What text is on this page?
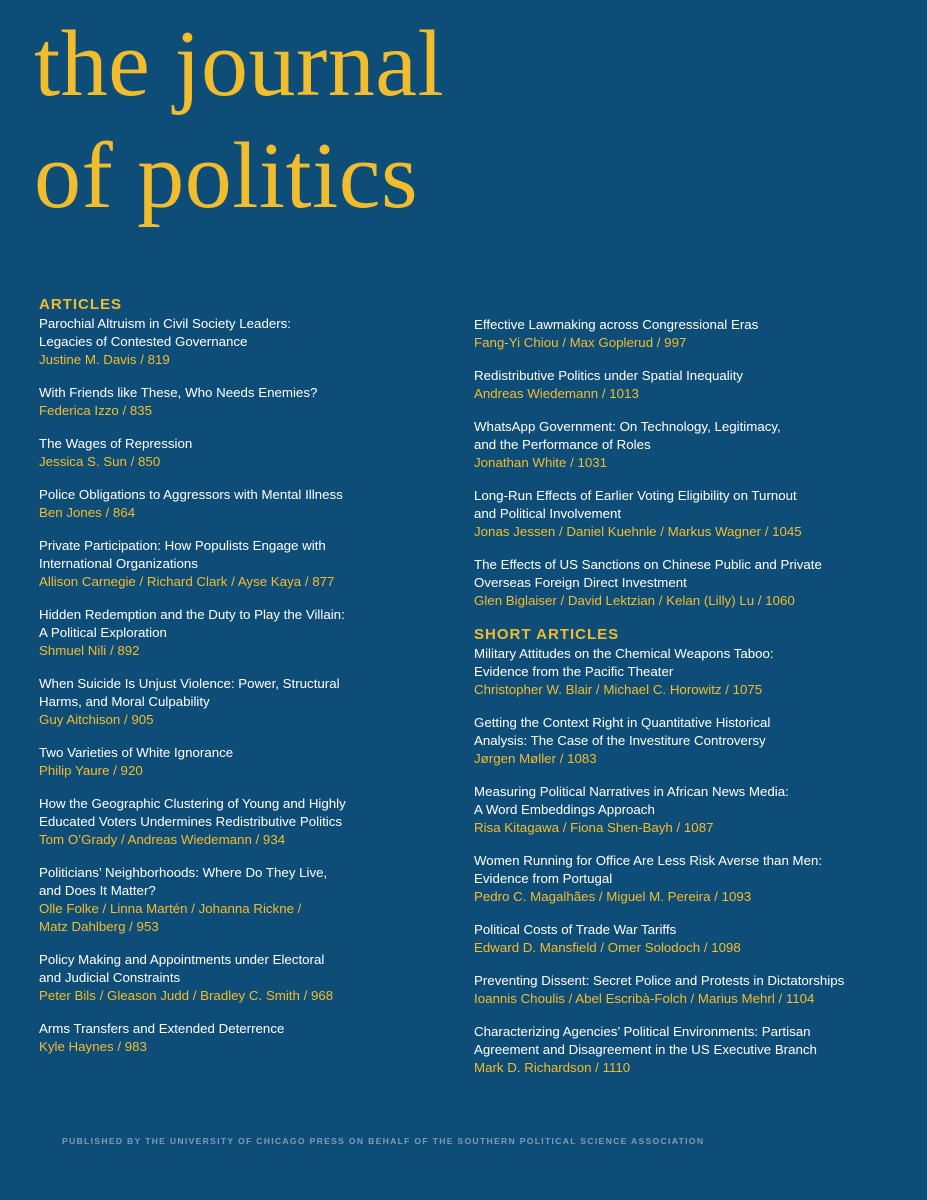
the journal
of politics
ARTICLES
Parochial Altruism in Civil Society Leaders:
Legacies of Contested Governance
Justine M. Davis / 819
With Friends like These, Who Needs Enemies?
Federica Izzo / 835
The Wages of Repression
Jessica S. Sun / 850
Police Obligations to Aggressors with Mental Illness
Ben Jones / 864
Private Participation: How Populists Engage with
International Organizations
Allison Carnegie / Richard Clark / Ayse Kaya / 877
Hidden Redemption and the Duty to Play the Villain:
A Political Exploration
Shmuel Nili / 892
When Suicide Is Unjust Violence: Power, Structural
Harms, and Moral Culpability
Guy Aitchison / 905
Two Varieties of White Ignorance
Philip Yaure / 920
How the Geographic Clustering of Young and Highly
Educated Voters Undermines Redistributive Politics
Tom O’Grady / Andreas Wiedemann / 934
Politicians’ Neighborhoods: Where Do They Live,
and Does It Matter?
Olle Folke / Linna Martén / Johanna Rickne /
Matz Dahlberg / 953
Policy Making and Appointments under Electoral
and Judicial Constraints
Peter Bils / Gleason Judd / Bradley C. Smith / 968
Arms Transfers and Extended Deterrence
Kyle Haynes / 983
Effective Lawmaking across Congressional Eras
Fang-Yi Chiou / Max Goplerud / 997
Redistributive Politics under Spatial Inequality
Andreas Wiedemann / 1013
WhatsApp Government: On Technology, Legitimacy,
and the Performance of Roles
Jonathan White / 1031
Long-Run Effects of Earlier Voting Eligibility on Turnout
and Political Involvement
Jonas Jessen / Daniel Kuehnle / Markus Wagner / 1045
The Effects of US Sanctions on Chinese Public and Private
Overseas Foreign Direct Investment
Glen Biglaiser / David Lektzian / Kelan (Lilly) Lu / 1060
SHORT ARTICLES
Military Attitudes on the Chemical Weapons Taboo:
Evidence from the Pacific Theater
Christopher W. Blair / Michael C. Horowitz / 1075
Getting the Context Right in Quantitative Historical
Analysis: The Case of the Investiture Controversy
Jørgen Møller / 1083
Measuring Political Narratives in African News Media:
A Word Embeddings Approach
Risa Kitagawa / Fiona Shen-Bayh / 1087
Women Running for Office Are Less Risk Averse than Men:
Evidence from Portugal
Pedro C. Magalhães / Miguel M. Pereira / 1093
Political Costs of Trade War Tariffs
Edward D. Mansfield / Omer Solodoch / 1098
Preventing Dissent: Secret Police and Protests in Dictatorships
Ioannis Choulis / Abel Escribà-Folch / Marius Mehrl / 1104
Characterizing Agencies’ Political Environments: Partisan
Agreement and Disagreement in the US Executive Branch
Mark D. Richardson / 1110
PUBLISHED BY THE UNIVERSITY OF CHICAGO PRESS ON BEHALF OF THE SOUTHERN POLITICAL SCIENCE ASSOCIATION
